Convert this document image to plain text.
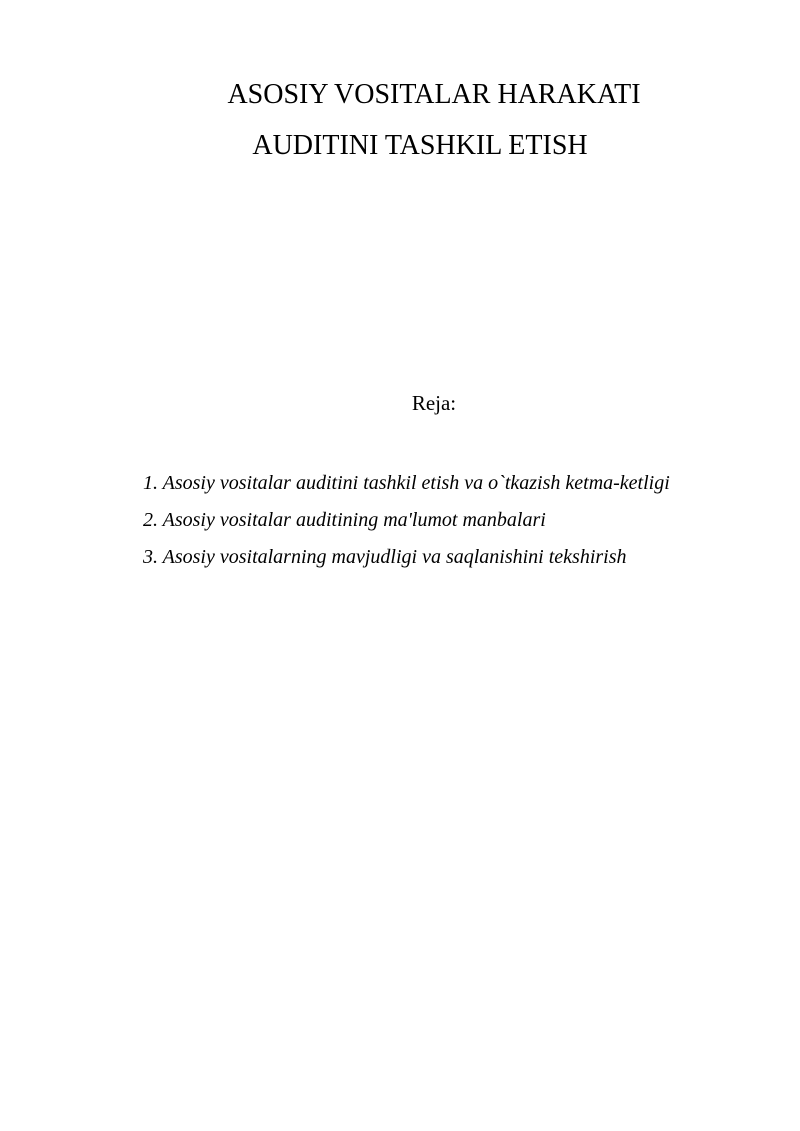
ASOSIY VOSITALAR HARAKATI
AUDITINI TASHKIL ETISH
Reja:
1. Asosiy vositalar auditini tashkil etish va o`tkazish ketma-ketligi
2. Asosiy vositalar auditining ma'lumot manbalari
3. Asosiy vositalarning mavjudligi va saqlanishini tekshirish
